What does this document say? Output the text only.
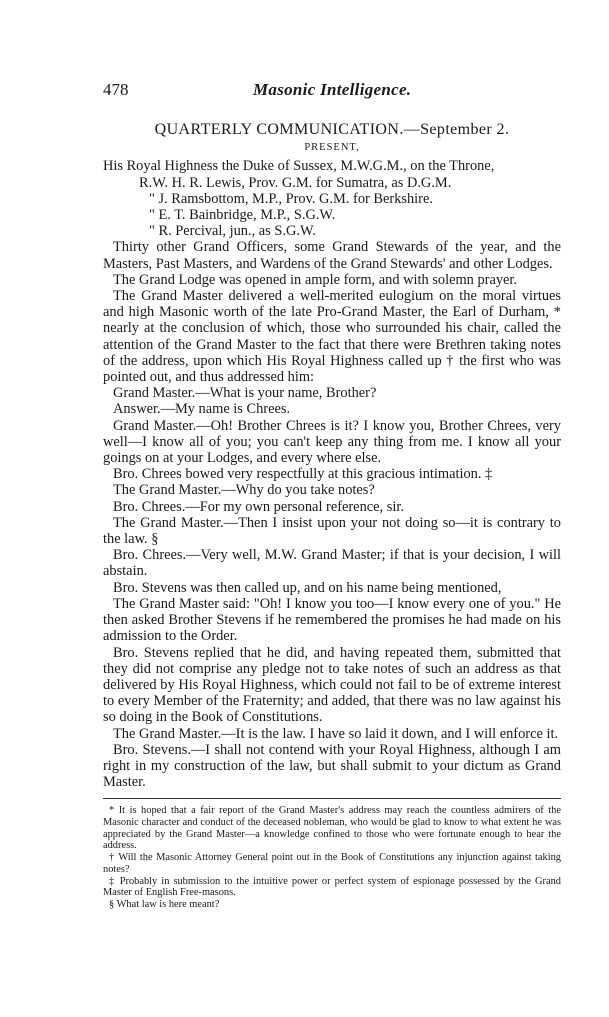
478	Masonic Intelligence.

QUARTERLY COMMUNICATION.—September 2.

PRESENT,

His Royal Highness the Duke of Sussex, M.W.G.M., on the Throne,

R.W. H. R. Lewis, Prov. G.M. for Sumatra, as D.G.M.

" J. Ramsbottom, M.P., Prov. G.M. for Berkshire.

" E. T. Bainbridge, M.P., S.G.W.

" R. Percival, jun., as S.G.W.

Thirty other Grand Officers, some Grand Stewards of the year, and the Masters, Past Masters, and Wardens of the Grand Stewards' and other Lodges.

The Grand Lodge was opened in ample form, and with solemn prayer.

The Grand Master delivered a well-merited eulogium on the moral virtues and high Masonic worth of the late Pro-Grand Master, the Earl of Durham, * nearly at the conclusion of which, those who surrounded his chair, called the attention of the Grand Master to the fact that there were Brethren taking notes of the address, upon which His Royal Highness called up † the first who was pointed out, and thus addressed him:

Grand Master.—What is your name, Brother?

Answer.—My name is Chrees.

Grand Master.—Oh! Brother Chrees is it? I know you, Brother Chrees, very well—I know all of you; you can't keep any thing from me. I know all your goings on at your Lodges, and every where else.

Bro. Chrees bowed very respectfully at this gracious intimation. ‡

The Grand Master.—Why do you take notes?

Bro. Chrees.—For my own personal reference, sir.

The Grand Master.—Then I insist upon your not doing so—it is contrary to the law. §

Bro. Chrees.—Very well, M.W. Grand Master; if that is your decision, I will abstain.

Bro. Stevens was then called up, and on his name being mentioned,

The Grand Master said: "Oh! I know you too—I know every one of you." He then asked Brother Stevens if he remembered the promises he had made on his admission to the Order.

Bro. Stevens replied that he did, and having repeated them, submitted that they did not comprise any pledge not to take notes of such an address as that delivered by His Royal Highness, which could not fail to be of extreme interest to every Member of the Fraternity; and added, that there was no law against his so doing in the Book of Constitutions.

The Grand Master.—It is the law. I have so laid it down, and I will enforce it.

Bro. Stevens.—I shall not contend with your Royal Highness, although I am right in my construction of the law, but shall submit to your dictum as Grand Master.

* It is hoped that a fair report of the Grand Master's address may reach the countless admirers of the Masonic character and conduct of the deceased nobleman, who would be glad to know to what extent he was appreciated by the Grand Master—a knowledge confined to those who were fortunate enough to hear the address.

† Will the Masonic Attorney General point out in the Book of Constitutions any injunction against taking notes?

‡ Probably in submission to the intuitive power or perfect system of espionage possessed by the Grand Master of English Free-masons.

§ What law is here meant?
